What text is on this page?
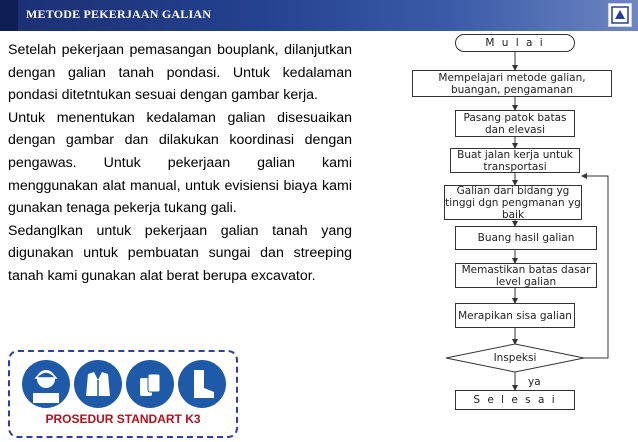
METODE PEKERJAAN GALIAN

Setelah pekerjaan pemasangan bouplank, dilanjutkan dengan galian tanah pondasi. Untuk kedalaman pondasi ditetntukan sesuai dengan gambar kerja.

Untuk menentukan kedalaman galian disesuaikan dengan gambar dan dilakukan koordinasi dengan pengawas. Untuk pekerjaan galian kami menggunakan alat manual, untuk evisiensi biaya kami gunakan tenaga pekerja tukang gali.

Sedanglkan untuk pekerjaan galian tanah yang digunakan untuk pembuatan sungai dan streeping tanah kami gunakan alat berat berupa excavator.

PROSEDUR STANDART K3
M u l a i
Mempelajari metode galian, buangan, pengamanan
Pasang patok batas dan elevasi
Buat jalan kerja untuk transportasi
Galian dari bidang yg tinggi dgn pengmanan yg baik
Buang hasil galian
Memastikan batas dasar level galian
Merapikan sisa galian
Inspeksi
ya
S e l e s a i
